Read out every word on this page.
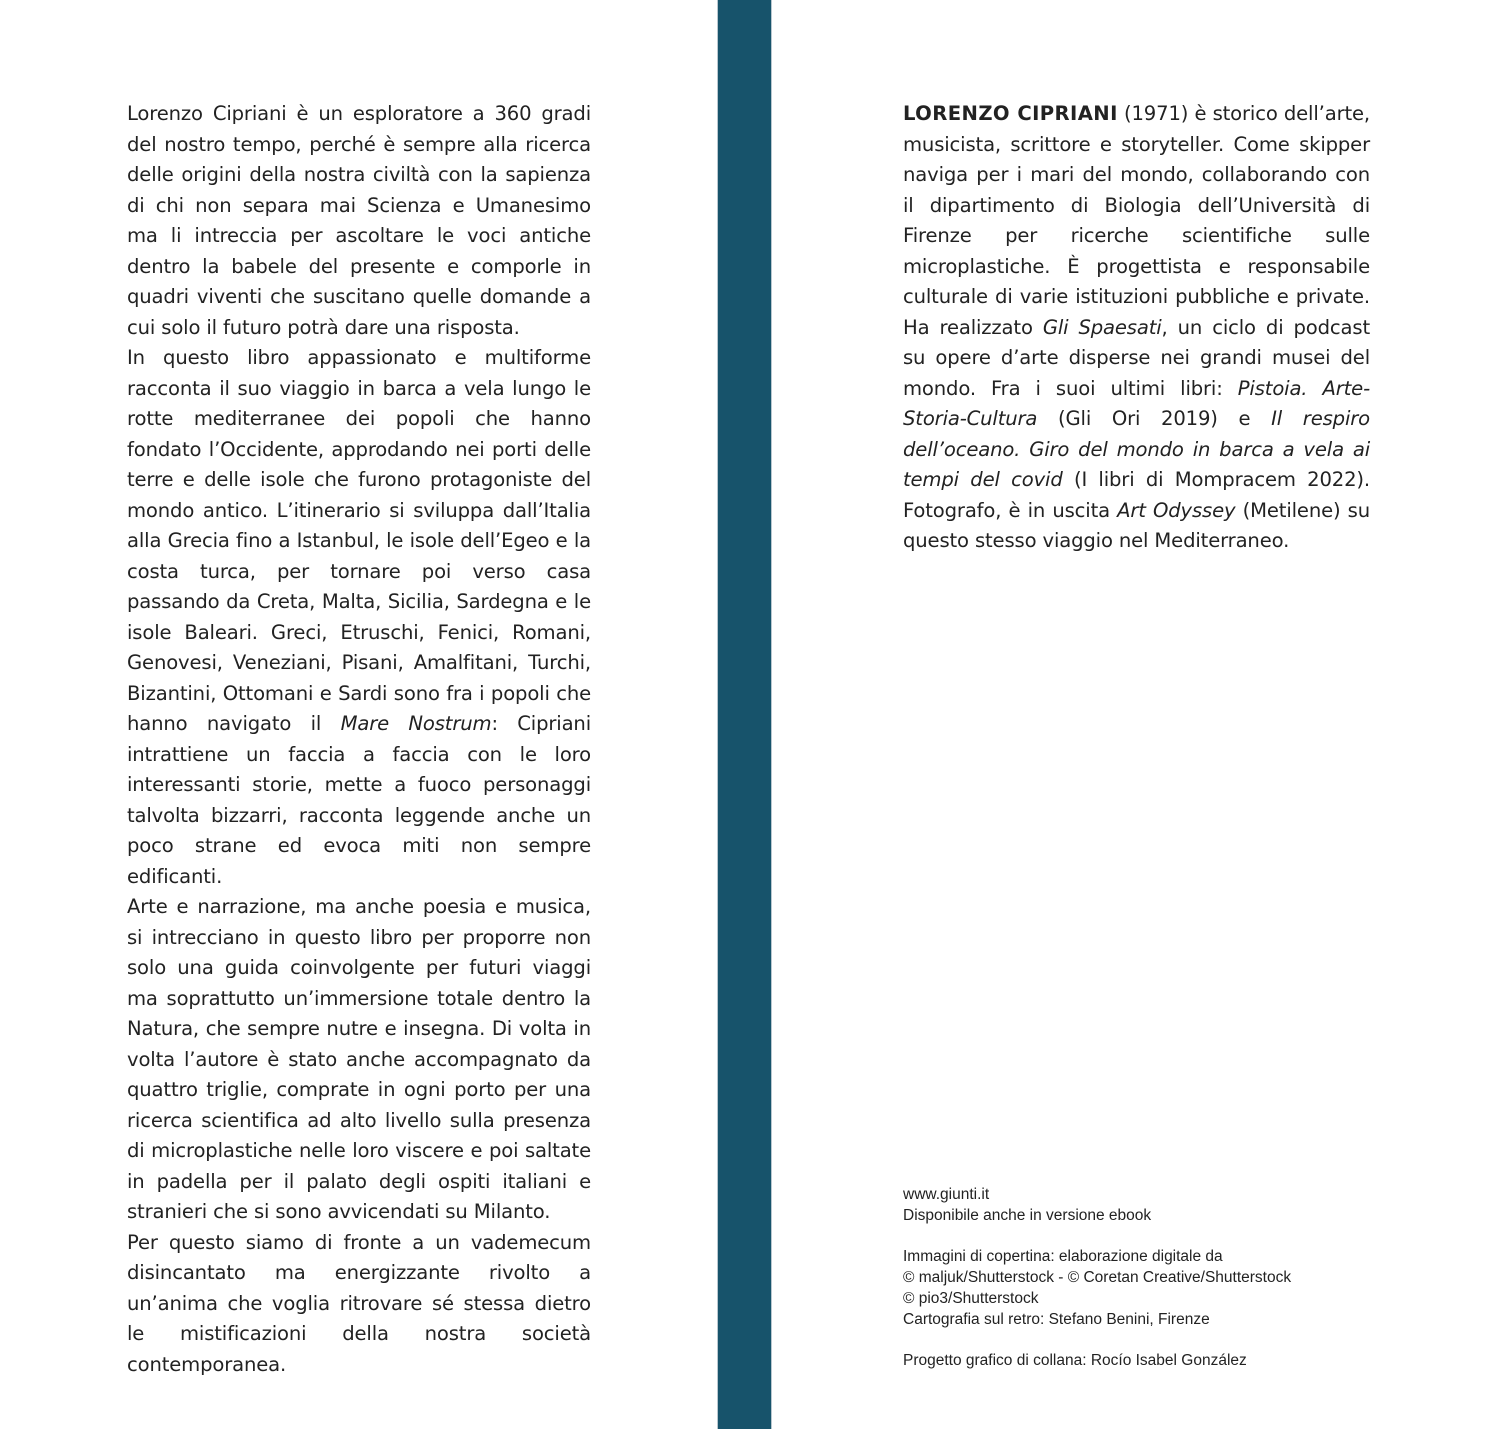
Lorenzo Cipriani è un esploratore a 360 gradi del nostro tempo, perché è sempre alla ricerca delle origini della nostra civiltà con la sapienza di chi non separa mai Scienza e Umanesimo ma li intreccia per ascoltare le voci antiche dentro la babele del presente e comporle in quadri viventi che suscitano quelle domande a cui solo il futuro potrà dare una risposta.

In questo libro appassionato e multiforme racconta il suo viaggio in barca a vela lungo le rotte mediterranee dei popoli che hanno fondato l’Occidente, approdando nei porti delle terre e delle isole che furono protagoniste del mondo antico. L’itinerario si sviluppa dall’Italia alla Grecia fino a Istanbul, le isole dell’Egeo e la costa turca, per tornare poi verso casa passando da Creta, Malta, Sicilia, Sardegna e le isole Baleari. Greci, Etruschi, Fenici, Romani, Genovesi, Veneziani, Pisani, Amalfitani, Turchi, Bizantini, Ottomani e Sardi sono fra i popoli che hanno navigato il Mare Nostrum: Cipriani intrattiene un faccia a faccia con le loro interessanti storie, mette a fuoco personaggi talvolta bizzarri, racconta leggende anche un poco strane ed evoca miti non sempre edificanti.

Arte e narrazione, ma anche poesia e musica, si intrecciano in questo libro per proporre non solo una guida coinvolgente per futuri viaggi ma soprattutto un’immersione totale dentro la Natura, che sempre nutre e insegna. Di volta in volta l’autore è stato anche accompagnato da quattro triglie, comprate in ogni porto per una ricerca scientifica ad alto livello sulla presenza di microplastiche nelle loro viscere e poi saltate in padella per il palato degli ospiti italiani e stranieri che si sono avvicendati su Milanto.

Per questo siamo di fronte a un vademecum disincantato ma energizzante rivolto a un’anima che voglia ritrovare sé stessa dietro le mistificazioni della nostra società contemporanea.

LORENZO CIPRIANI (1971) è storico dell’arte, musicista, scrittore e storyteller. Come skipper naviga per i mari del mondo, collaborando con il dipartimento di Biologia dell’Università di Firenze per ricerche scientifiche sulle microplastiche. È progettista e responsabile culturale di varie istituzioni pubbliche e private. Ha realizzato Gli Spaesati, un ciclo di podcast su opere d’arte disperse nei grandi musei del mondo. Fra i suoi ultimi libri: Pistoia. Arte-Storia-Cultura (Gli Ori 2019) e Il respiro dell’oceano. Giro del mondo in barca a vela ai tempi del covid (I libri di Mompracem 2022). Fotografo, è in uscita Art Odyssey (Metilene) su questo stesso viaggio nel Mediterraneo.

www.giunti.it
Disponibile anche in versione ebook
Immagini di copertina: elaborazione digitale da
© maljuk/Shutterstock - © Coretan Creative/Shutterstock
© pio3/Shutterstock
Cartografia sul retro: Stefano Benini, Firenze
Progetto grafico di collana: Rocío Isabel González
